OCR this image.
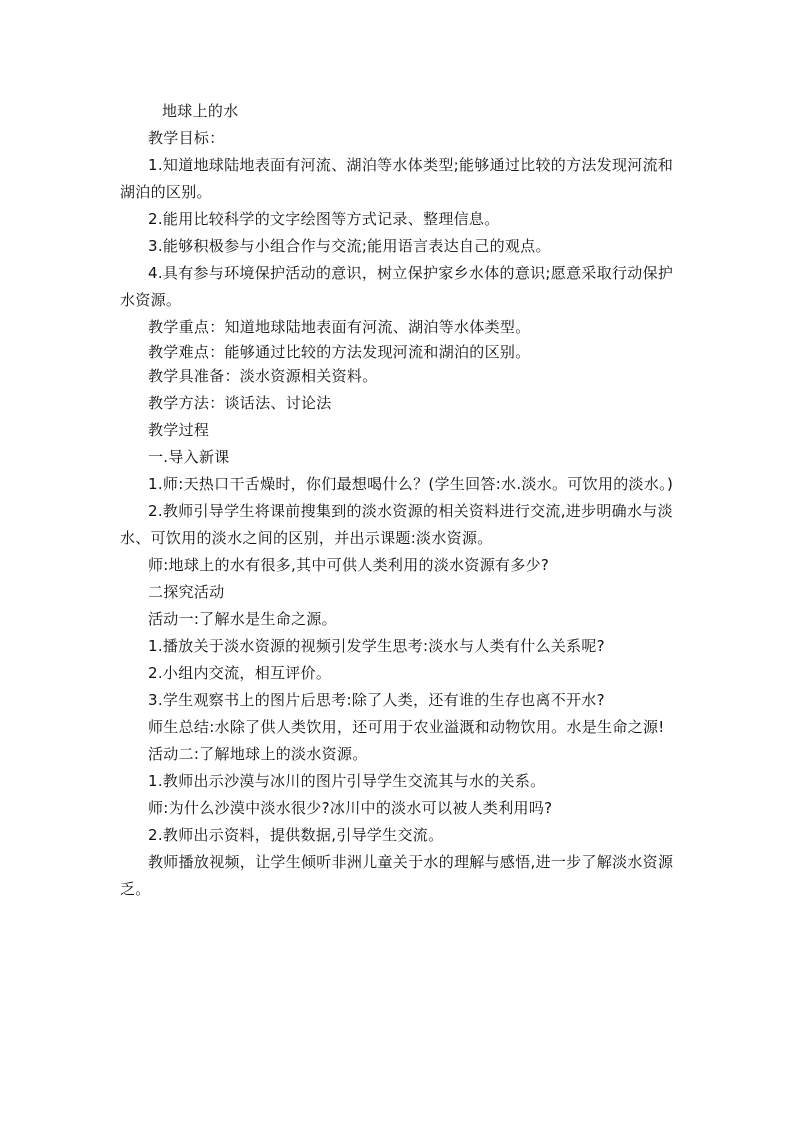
地球上的水

教学目标：

1.知道地球陆地表面有河流、湖泊等水体类型;能够通过比较的方法发现河流和湖泊的区别。

2.能用比较科学的文字绘图等方式记录、整理信息。

3.能够积极参与小组合作与交流;能用语言表达自己的观点。

4.具有参与环境保护活动的意识，树立保护家乡水体的意识;愿意采取行动保护水资源。

教学重点：知道地球陆地表面有河流、湖泊等水体类型。

教学难点：能够通过比较的方法发现河流和湖泊的区别。

教学具准备：淡水资源相关资料。

教学方法：谈话法、讨论法

教学过程

一.导入新课

1.师:天热口干舌燥时，你们最想喝什么？(学生回答:水.淡水。可饮用的淡水。)

2.教师引导学生将课前搜集到的淡水资源的相关资料进行交流,进步明确水与淡水、可饮用的淡水之间的区别，并出示课题:淡水资源。

师:地球上的水有很多,其中可供人类利用的淡水资源有多少?

二探究活动

活动一:了解水是生命之源。

1.播放关于淡水资源的视频引发学生思考:淡水与人类有什么关系呢?

2.小组内交流，相互评价。

3.学生观察书上的图片后思考:除了人类，还有谁的生存也离不开水?

师生总结:水除了供人类饮用，还可用于农业溢溉和动物饮用。水是生命之源!

活动二:了解地球上的淡水资源。

1.教师出示沙漠与冰川的图片引导学生交流其与水的关系。

师:为什么沙漠中淡水很少?冰川中的淡水可以被人类利用吗?

2.教师出示资料，提供数据,引导学生交流。

教师播放视频，让学生倾听非洲儿童关于水的理解与感悟,进一步了解淡水资源乏。
